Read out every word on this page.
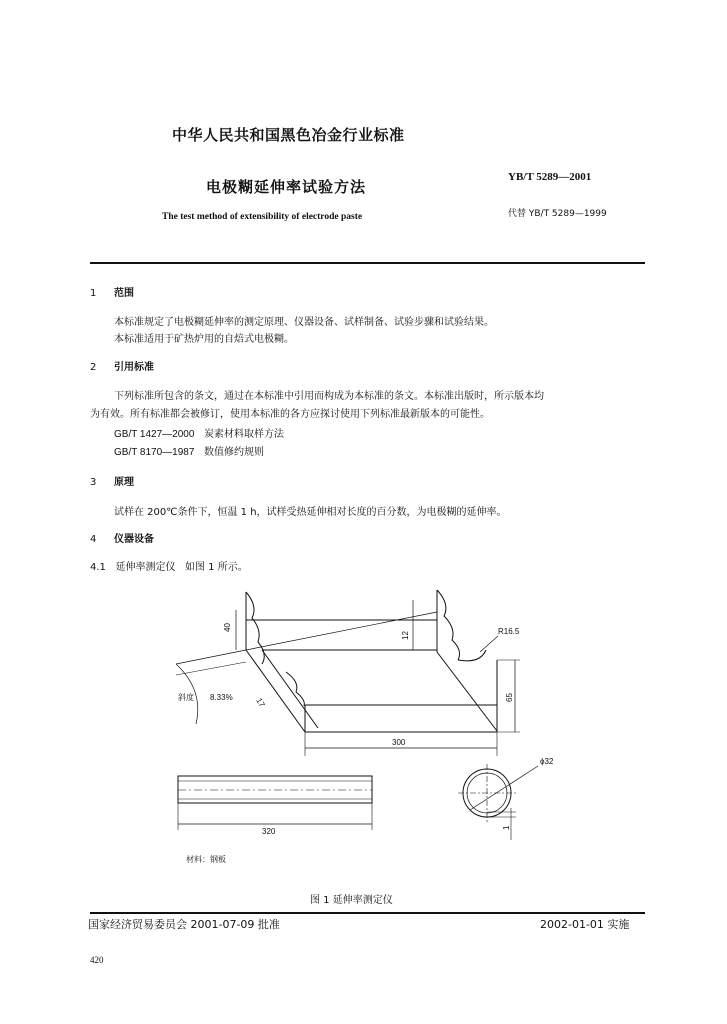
中华人民共和国黑色冶金行业标准
电极糊延伸率试验方法
The test method of extensibility of electrode paste
YB/T 5289—2001
代替 YB/T 5289—1999
1 范围
本标准规定了电极糊延伸率的测定原理、仪器设备、试样制备、试验步骤和试验结果。
本标准适用于矿热炉用的自焙式电极糊。
2 引用标准
下列标准所包含的条文，通过在本标准中引用而构成为本标准的条文。本标准出版时，所示版本均
为有效。所有标准都会被修订，使用本标准的各方应探讨使用下列标准最新版本的可能性。
GB/T 1427—2000 炭素材料取样方法
GB/T 8170—1987 数值修约规则
3 原理
试样在 200℃条件下，恒温 1 h，试样受热延伸相对长度的百分数，为电极糊的延伸率。
4 仪器设备
4.1 延伸率测定仪 如图 1 所示。
40
12	R16.5
65
300
17
斜度 8.33%
ϕ32
1
320
材料：钢板
图 1 延伸率测定仪
国家经济贸易委员会 2001-07-09 批准	2002-01-01 实施
420
